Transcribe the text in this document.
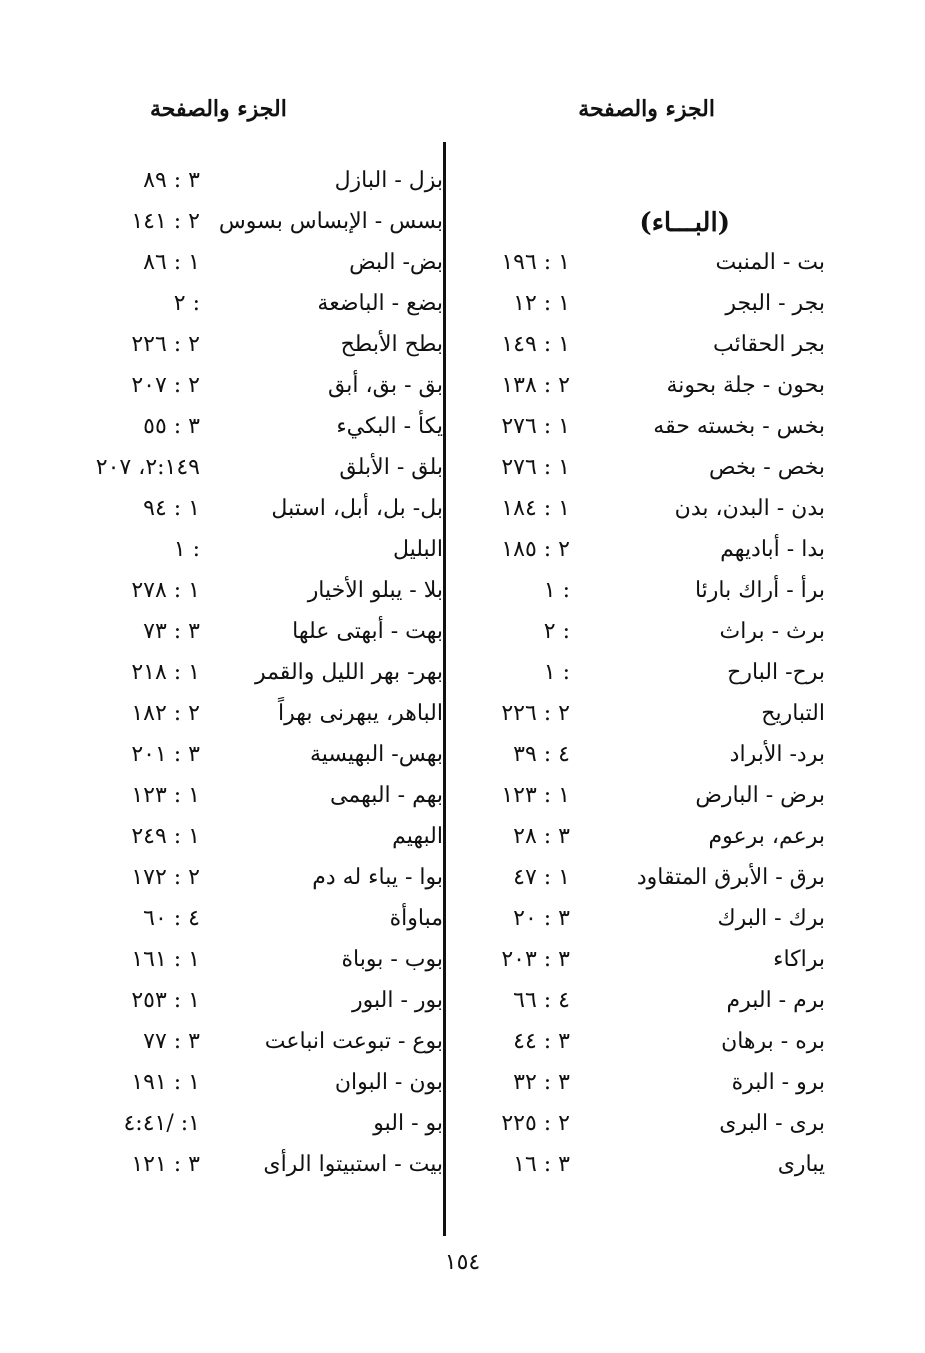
الجزء والصفحة
الجزء والصفحة
(البـــاء)
بت - المنبت
١ : ١٩٦
بجر - البجر
١ : ١٢
بجر الحقائب
١ : ١٤٩
بحون - جلة بحونة
٢ : ١٣٨
بخس - بخسته حقه
١ : ٢٧٦
بخص - بخص
١ : ٢٧٦
بدن - البدن، بدن
١ : ١٨٤
بدا - أباديهم
٢ : ١٨٥
برأ - أراك بارئا
١ :
برث - براث
٢ :
برح- البارح
١ :
التباريح
٢ : ٢٢٦
برد- الأبراد
٤ : ٣٩
برض - البارض
١ : ١٢٣
برعم، برعوم
٣ : ٢٨
برق - الأبرق المتقاود
١ : ٤٧
برك - البرك
٣ : ٢٠
براكاء
٣ : ٢٠٣
برم - البرم
٤ : ٦٦
بره - برهان
٣ : ٤٤
برو - البرة
٣ : ٣٢
برى - البرى
٢ : ٢٢٥
يبارى
٣ : ١٦
بزل - البازل
٣ : ٨٩
بسس - الإبساس بسوس
٢ : ١٤١
بض- البض
١ : ٨٦
بضع - الباضعة
٢ :
بطح الأبطح
٢ : ٢٢٦
بق - بق، أبق
٢ : ٢٠٧
يكأ - البكيء
٣ : ٥٥
بلق - الأبلق
٢:١٤٩، ٢٠٧
بل- بل، أبل، استبل
١ : ٩٤
البليل
١ :
بلا - يبلو الأخيار
١ : ٢٧٨
بهت - أبهتى علها
٣ : ٧٣
بهر- بهر الليل والقمر
١ : ٢١٨
الباهر، يبهرنى بهراً
٢ : ١٨٢
بهس- البهيسية
٣ : ٢٠١
بهم - البهمى
١ : ١٢٣
البهيم
١ : ٢٤٩
بوا - يباء له دم
٢ : ١٧٢
مباوأة
٤ : ٦٠
بوب - بوباة
١ : ١٦١
بور - البور
١ : ٢٥٣
بوع - تبوعت انباعت
٣ : ٧٧
بون - البوان
١ : ١٩١
بو - البو
١: /٤:٤١
بيت - استبيتوا الرأى
٣ : ١٢١
١٥٤
